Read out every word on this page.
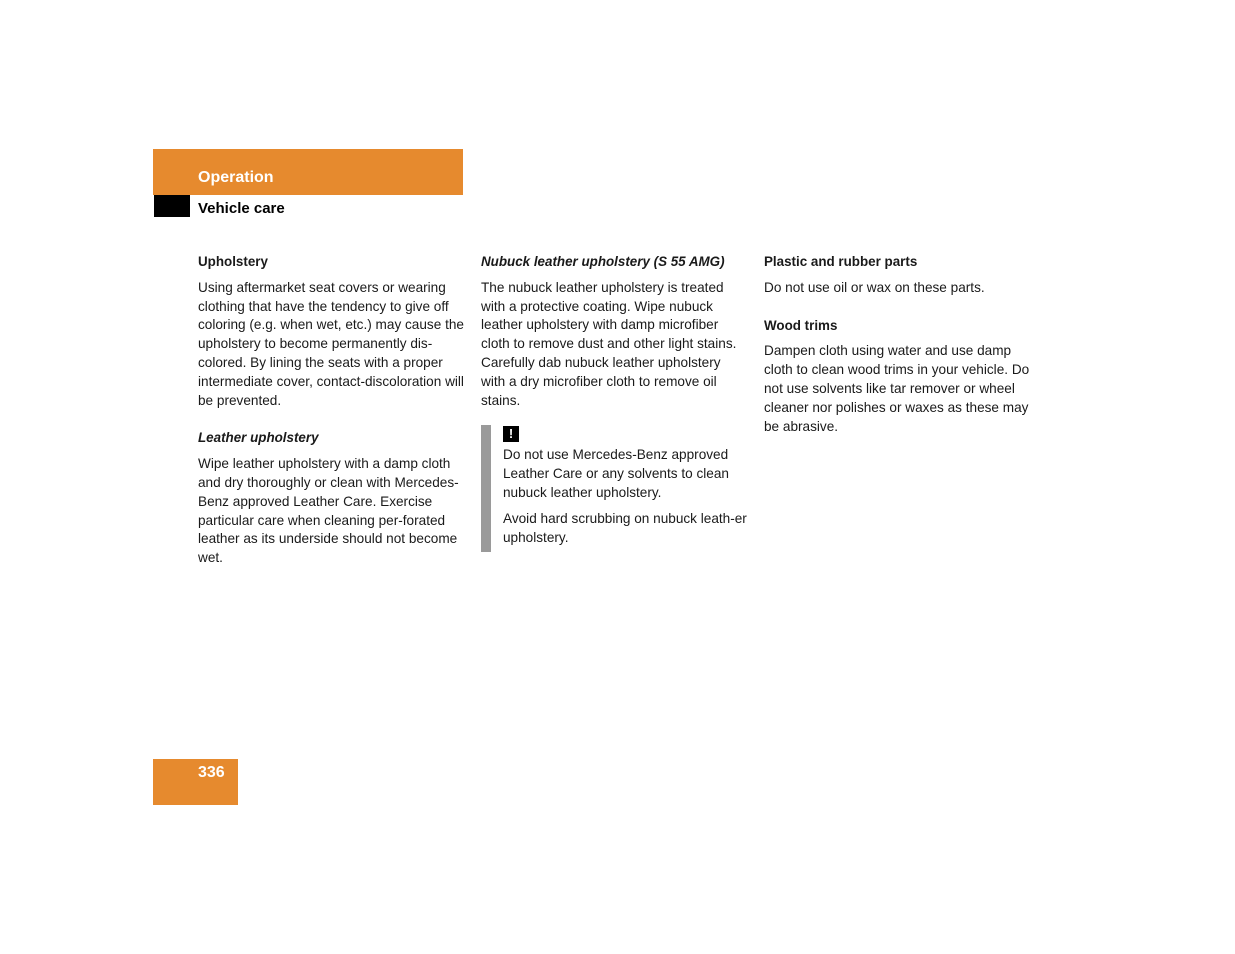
Operation
Vehicle care

Upholstery

Using aftermarket seat covers or wearing clothing that have the tendency to give off coloring (e.g. when wet, etc.) may cause the upholstery to become permanently dis-colored. By lining the seats with a proper intermediate cover, contact-discoloration will be prevented.

Leather upholstery

Wipe leather upholstery with a damp cloth and dry thoroughly or clean with Mercedes-Benz approved Leather Care. Exercise particular care when cleaning per-forated leather as its underside should not become wet.

Nubuck leather upholstery (S 55 AMG)

The nubuck leather upholstery is treated with a protective coating. Wipe nubuck leather upholstery with damp microfiber cloth to remove dust and other light stains. Carefully dab nubuck leather upholstery with a dry microfiber cloth to remove oil stains.

!

Do not use Mercedes-Benz approved Leather Care or any solvents to clean nubuck leather upholstery.

Avoid hard scrubbing on nubuck leath-er upholstery.

Plastic and rubber parts

Do not use oil or wax on these parts.

Wood trims

Dampen cloth using water and use damp cloth to clean wood trims in your vehicle. Do not use solvents like tar remover or wheel cleaner nor polishes or waxes as these may be abrasive.

336
